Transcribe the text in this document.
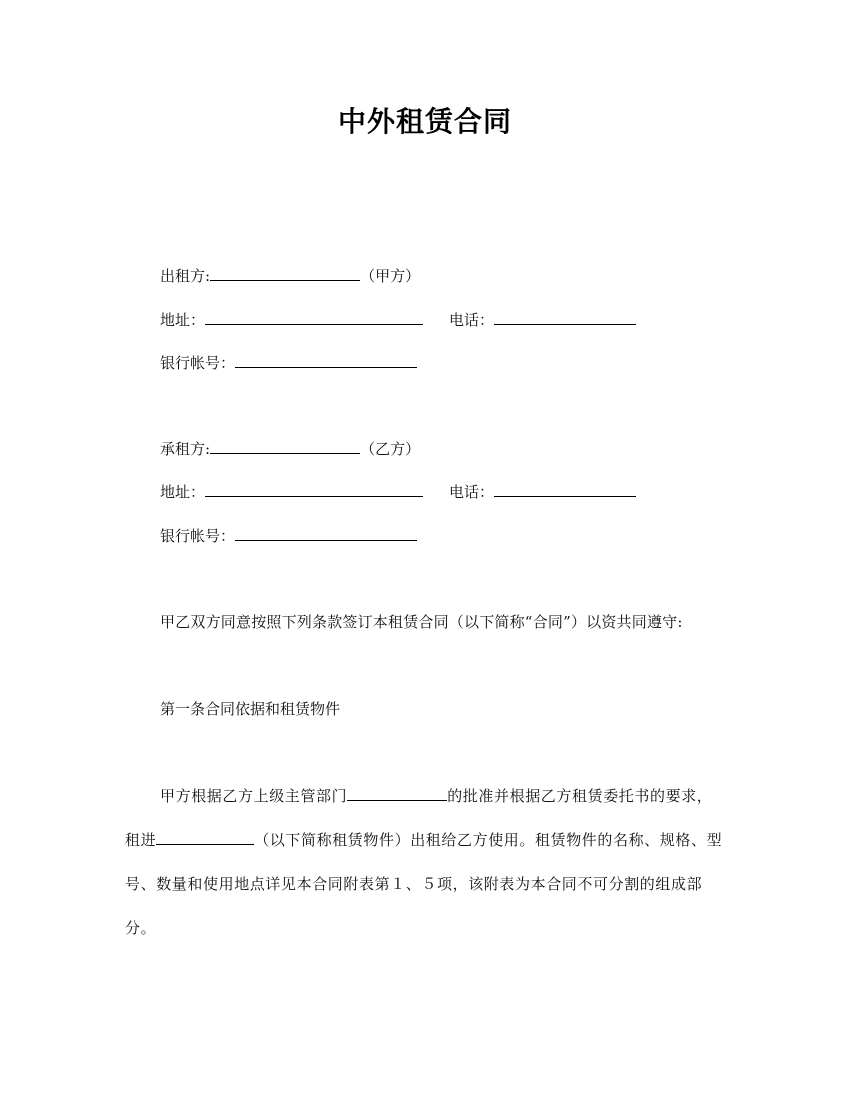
中外租赁合同
出租方:	（甲方）
地址：	电话：
银行帐号：
承租方:	（乙方）
地址：	电话：
银行帐号：
甲乙双方同意按照下列条款签订本租赁合同（以下简称“合同”）以资共同遵守:
第一条合同依据和租赁物件
甲方根据乙方上级主管部门	的批准并根据乙方租赁委托书的要求，租进	（以下简称租赁物件）出租给乙方使用。租赁物件的名称、规格、型号、数量和使用地点详见本合同附表第１、５项，该附表为本合同不可分割的组成部分。
